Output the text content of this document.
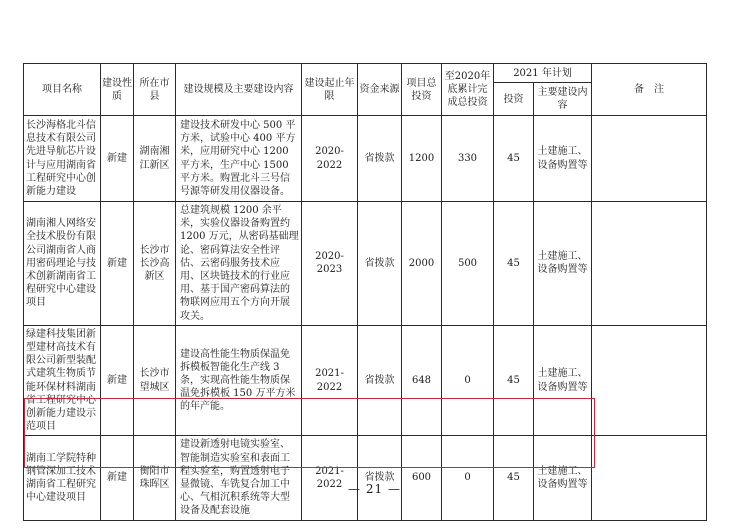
项目名称	建设性质	所在市县	建设规模及主要建设内容	建设起止年限	资金来源	项目总投资	至2020年底累计完成总投资	2021 年计划		备　注
								投资	主要建设内容	
长沙海格北斗信息技术有限公司先进导航芯片设计与应用湖南省工程研究中心创新能力建设	新建	湖南湘江新区	建设技术研发中心 500 平方米，试验中心 400 平方米，应用研究中心 1200 平方米，生产中心 1500 平方米。购置北斗三号信号源等研发用仪器设备。	2020-2022	省拨款	1200	330	45	土建施工、设备购置等	
湖南湘人网络安全技术股份有限公司湖南省人商用密码理论与技术创新湖南省工程研究中心建设项目	新建	长沙市长沙高新区	总建筑规模 1200 余平米，实验仪器设备购置约 1200 万元，从密码基础理论、密码算法安全性评估、云密码服务技术应用、区块链技术的行业应用、基于国产密码算法的物联网应用五个方向开展攻关。	2020-2023	省拨款	2000	500	45	土建施工、设备购置等	
绿建科技集团新型建材高技术有限公司新型装配式建筑生物质节能环保材料湖南省工程研究中心创新能力建设示范项目	新建	长沙市望城区	建设高性能生物质保温免拆模板智能化生产线 3 条，实现高性能生物质保温免拆模板 150 万平方米的年产能。	2021-2022	省拨款	648	0	45	土建施工、设备购置等	
湖南工学院特种钢管深加工技术湖南省工程研究中心建设项目	新建	衡阳市珠晖区	建设新透射电镜实验室、智能制造实验室和表面工程实验室，购置透射电子显微镜、车铣复合加工中心、气相沉积系统等大型设备及配套设施	2021-2022	省拨款	600	0	45	土建施工、设备购置等	
— 21 —
